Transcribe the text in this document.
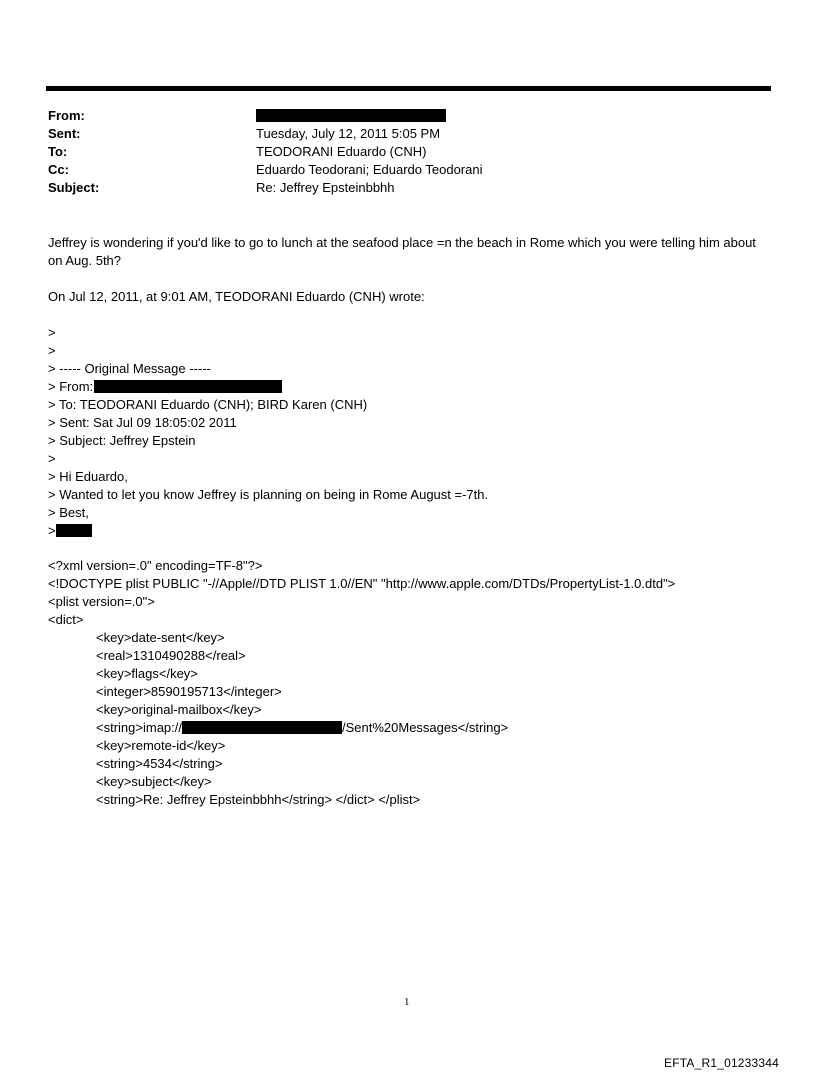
From:
Sent:	Tuesday, July 12, 2011 5:05 PM
To:	TEODORANI Eduardo (CNH)
Cc:	Eduardo Teodorani; Eduardo Teodorani
Subject:	Re: Jeffrey Epsteinbbhh
Jeffrey is wondering if you'd like to go to lunch at the seafood place =n the beach in Rome which you were telling him about on Aug. 5th?
On Jul 12, 2011, at 9:01 AM, TEODORANI Eduardo (CNH) wrote:
>
>
> ----- Original Message -----
> From:
> To: TEODORANI Eduardo (CNH); BIRD Karen (CNH)
> Sent: Sat Jul 09 18:05:02 2011
> Subject: Jeffrey Epstein
>
> Hi Eduardo,
> Wanted to let you know Jeffrey is planning on being in Rome August =-7th.
> Best,
>
<?xml version=.0" encoding=TF-8"?>
<!DOCTYPE plist PUBLIC "-//Apple//DTD PLIST 1.0//EN" "http://www.apple.com/DTDs/PropertyList-1.0.dtd">
<plist version=.0">
<dict>
<key>date-sent</key>
<real>1310490288</real>
<key>flags</key>
<integer>8590195713</integer>
<key>original-mailbox</key>
<string>imap://	/Sent%20Messages</string>
<key>remote-id</key>
<string>4534</string>
<key>subject</key>
<string>Re: Jeffrey Epsteinbbhh</string> </dict> </plist>
1
EFTA_R1_01233344
